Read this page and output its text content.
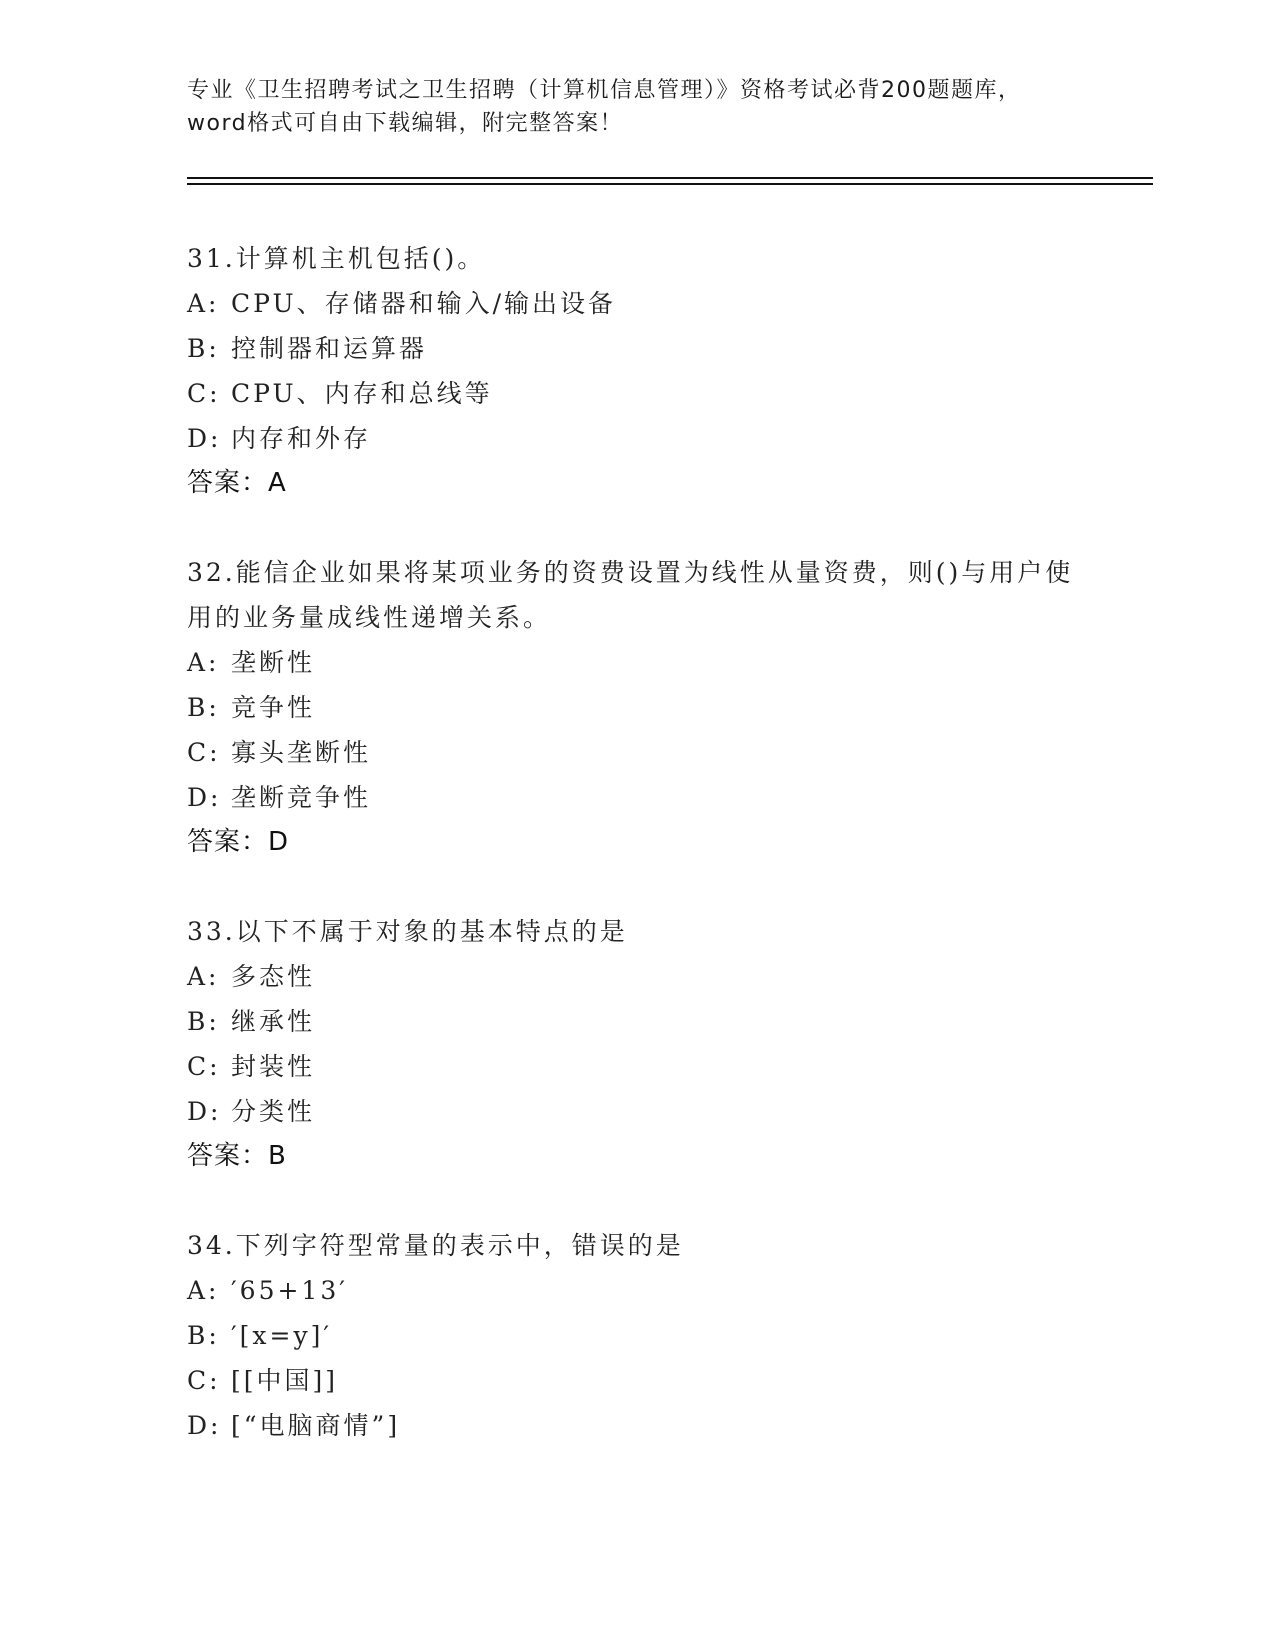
专业《卫生招聘考试之卫生招聘（计算机信息管理）》资格考试必背200题题库，

word格式可自由下载编辑，附完整答案！

31.计算机主机包括()。

A: CPU、存储器和输入/输出设备

B: 控制器和运算器

C: CPU、内存和总线等

D: 内存和外存

答案：A

32.能信企业如果将某项业务的资费设置为线性从量资费，则()与用户使用的业务量成线性递增关系。

A: 垄断性

B: 竞争性

C: 寡头垄断性

D: 垄断竞争性

答案：D

33.以下不属于对象的基本特点的是

A: 多态性

B: 继承性

C: 封装性

D: 分类性

答案：B

34.下列字符型常量的表示中，错误的是

A: ′65+13′

B: ′[x=y]′

C: [[中国]]

D: [“电脑商情”]
